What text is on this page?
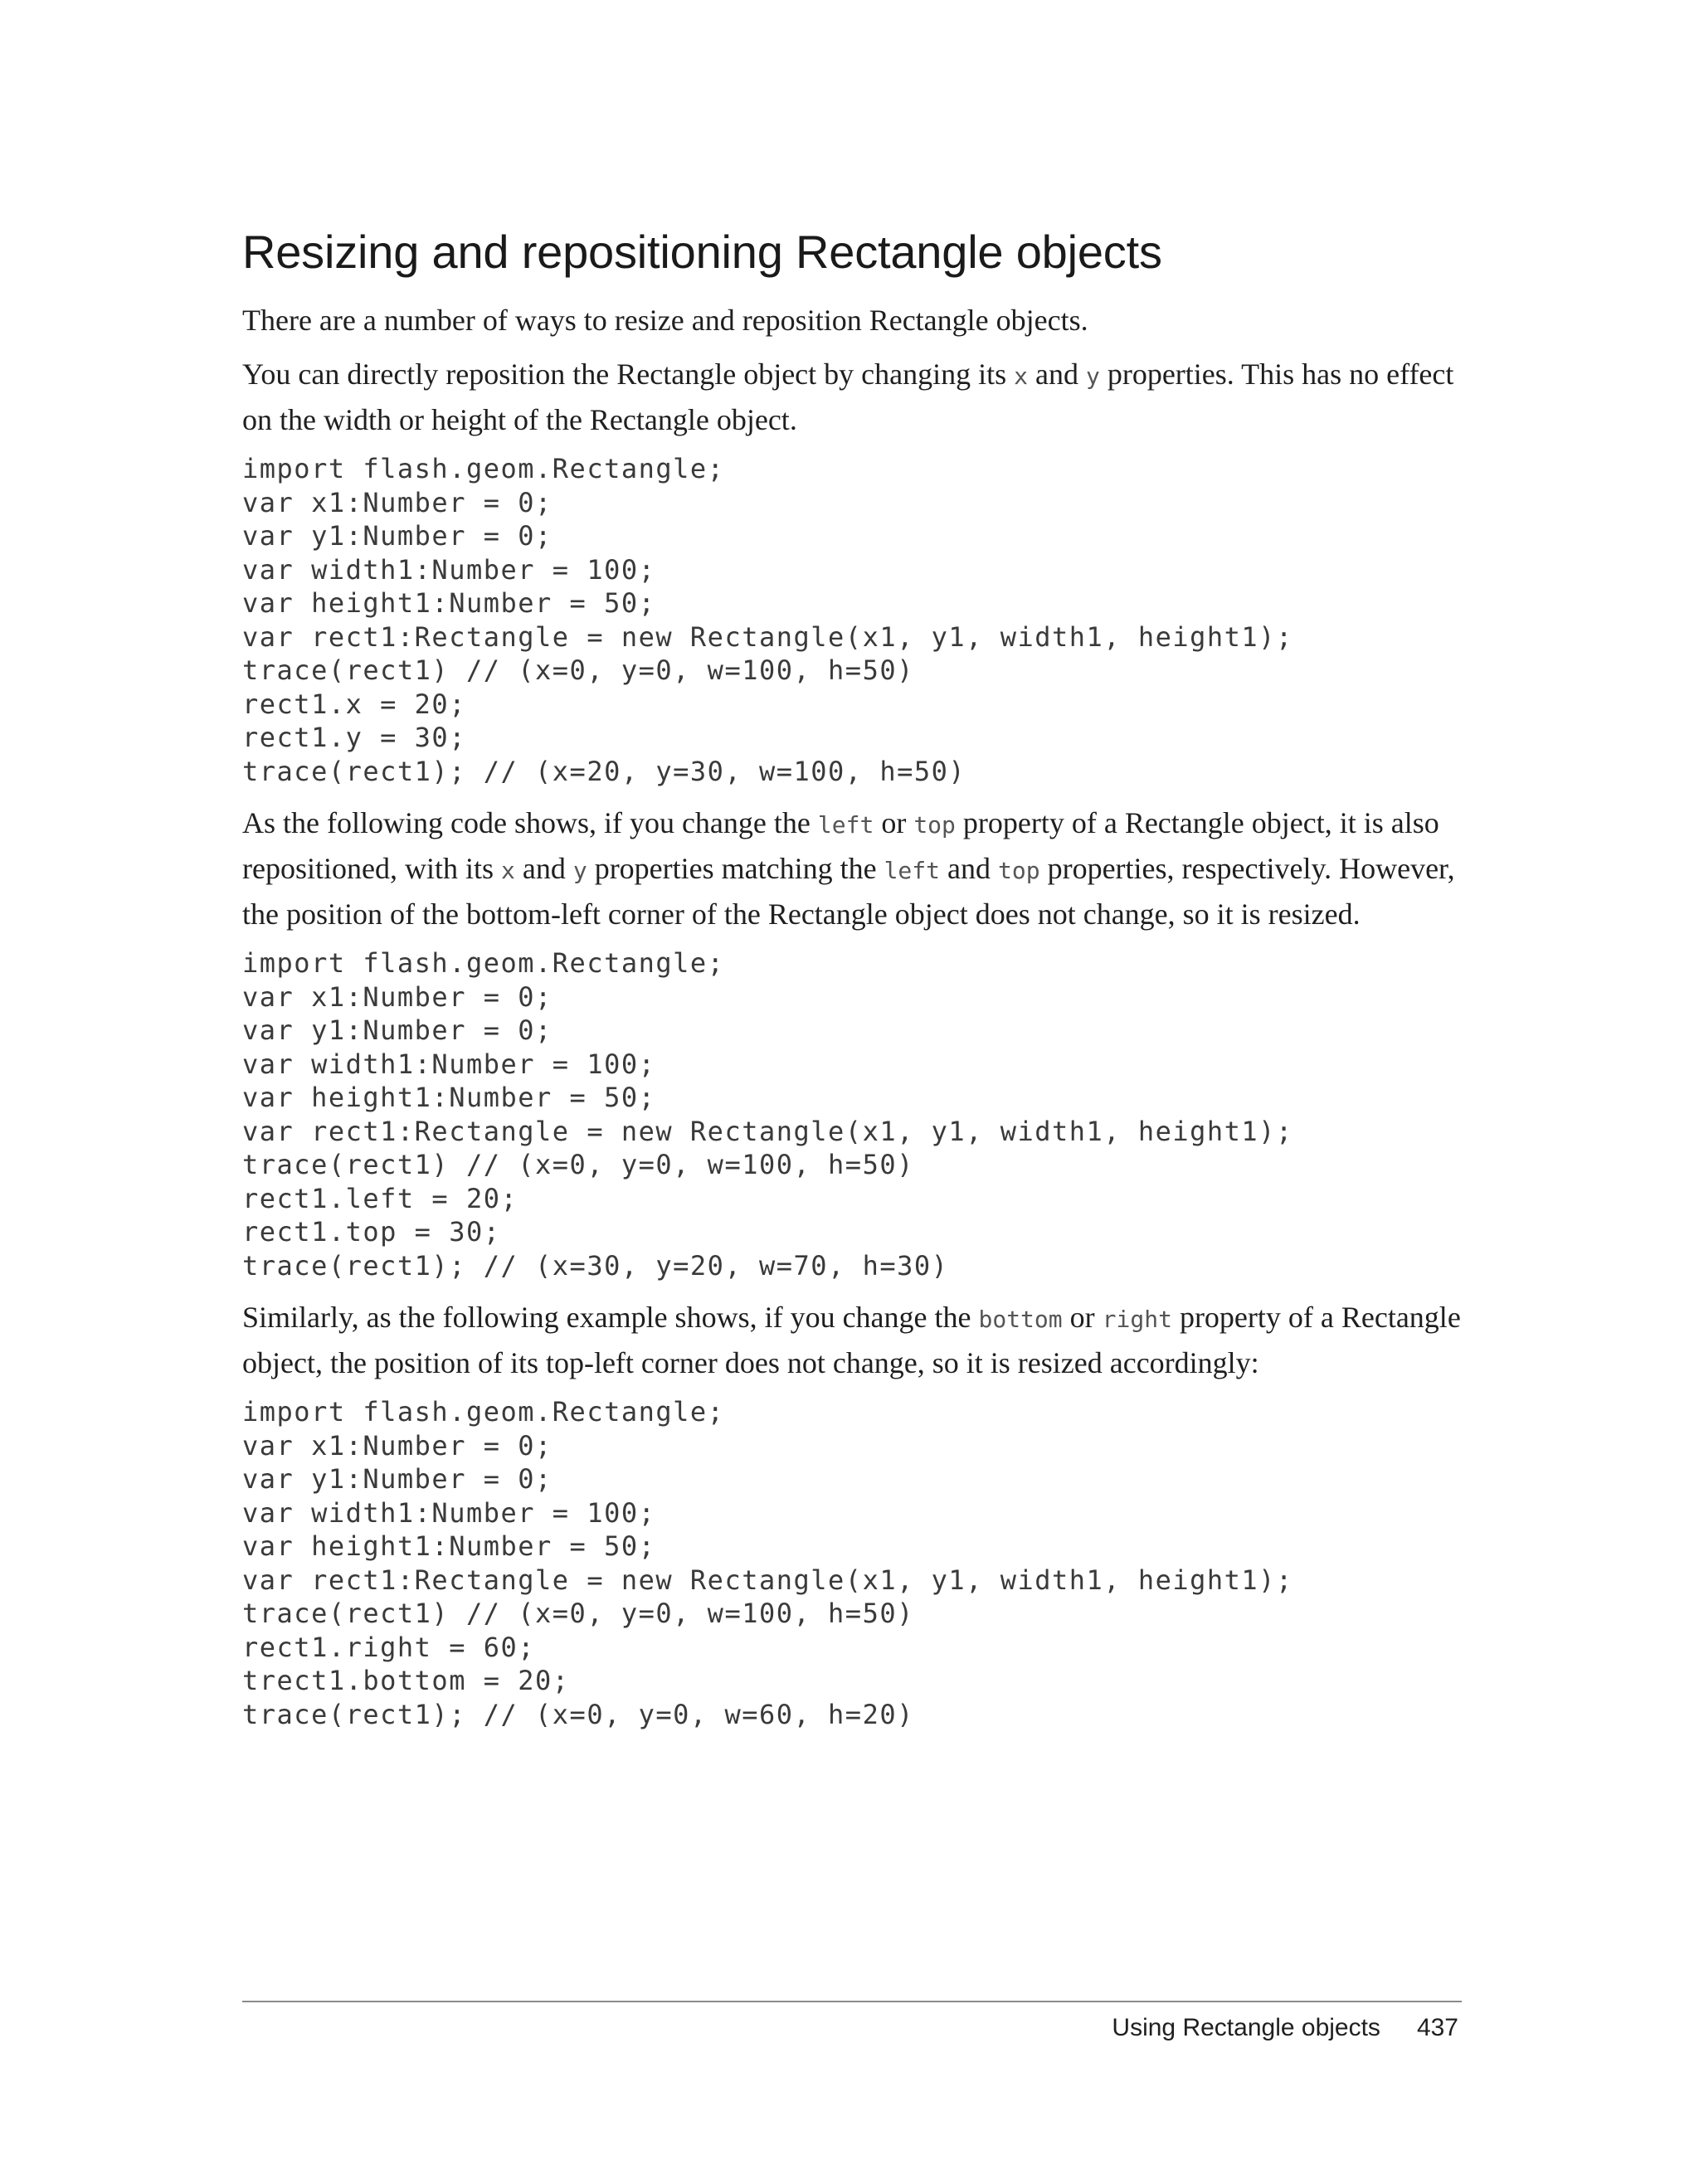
Resizing and repositioning Rectangle objects

There are a number of ways to resize and reposition Rectangle objects.

You can directly reposition the Rectangle object by changing its x and y properties. This has no effect on the width or height of the Rectangle object.

import flash.geom.Rectangle;
var x1:Number = 0;
var y1:Number = 0;
var width1:Number = 100;
var height1:Number = 50;
var rect1:Rectangle = new Rectangle(x1, y1, width1, height1);
trace(rect1) // (x=0, y=0, w=100, h=50)
rect1.x = 20;
rect1.y = 30;
trace(rect1); // (x=20, y=30, w=100, h=50)

As the following code shows, if you change the left or top property of a Rectangle object, it is also repositioned, with its x and y properties matching the left and top properties, respectively. However, the position of the bottom-left corner of the Rectangle object does not change, so it is resized.

import flash.geom.Rectangle;
var x1:Number = 0;
var y1:Number = 0;
var width1:Number = 100;
var height1:Number = 50;
var rect1:Rectangle = new Rectangle(x1, y1, width1, height1);
trace(rect1) // (x=0, y=0, w=100, h=50)
rect1.left = 20;
rect1.top = 30;
trace(rect1); // (x=30, y=20, w=70, h=30)

Similarly, as the following example shows, if you change the bottom or right property of a Rectangle object, the position of its top-left corner does not change, so it is resized accordingly:

import flash.geom.Rectangle;
var x1:Number = 0;
var y1:Number = 0;
var width1:Number = 100;
var height1:Number = 50;
var rect1:Rectangle = new Rectangle(x1, y1, width1, height1);
trace(rect1) // (x=0, y=0, w=100, h=50)
rect1.right = 60;
trect1.bottom = 20;
trace(rect1); // (x=0, y=0, w=60, h=20)
Using Rectangle objects 437
